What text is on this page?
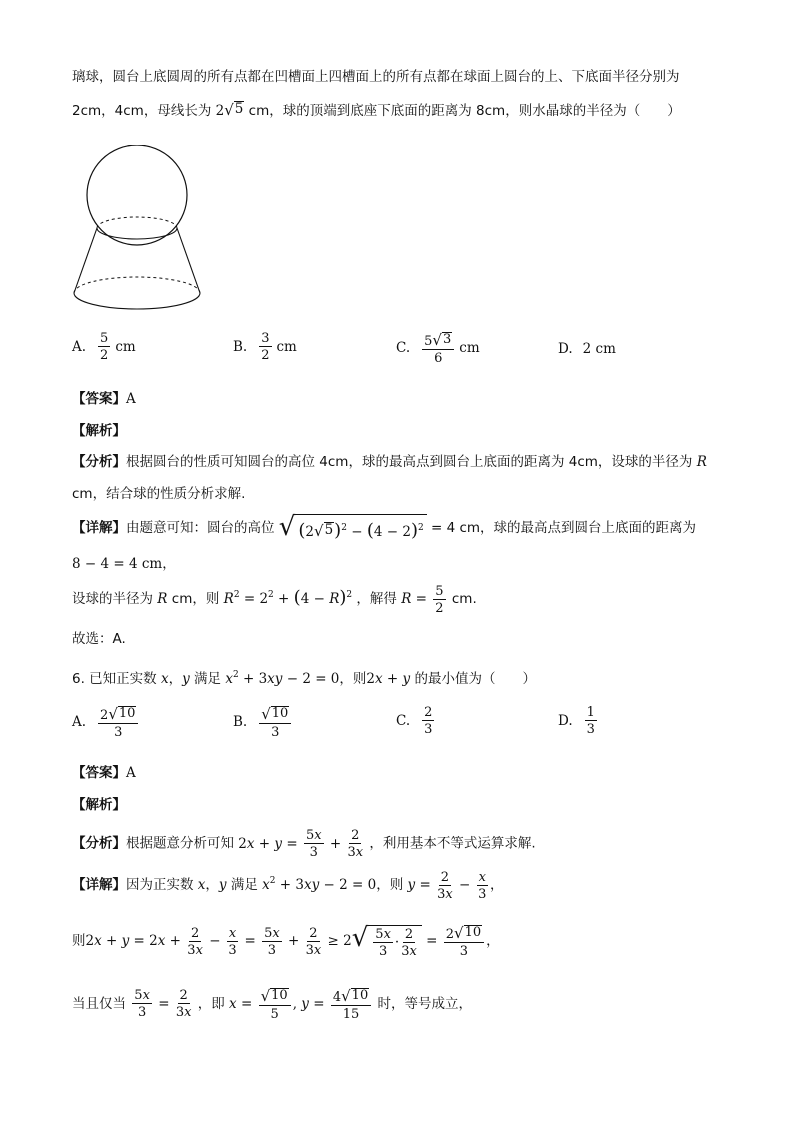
璃球，圆台上底圆周的所有点都在凹槽面上四槽面上的所有点都在球面上圆台的上、下底面半径分别为
2cm，4cm，母线长为 2 √ 5 cm，球的顶端到底座下底面的距离为 8cm，则水晶球的半径为（　　）
A. $\frac{5}{2}$ cm	B. $\frac{3}{2}$ cm	C. $\frac{5 √ 3}{6}$ cm	D. 2 cm
【答案】A
【解析】
【分析】根据圆台的性质可知圆台的高位 4cm，球的最高点到圆台上底面的距离为 4cm，设球的半径为 R
cm，结合球的性质分析求解.
【详解】由题意可知：圆台的高位 √ (2 √ 5 )$^2 - (4 - 2)^2 = 4$ cm，球的最高点到圆台上底面的距离为
8 − 4 = 4 cm，
设球的半径为 R cm，则 $R^2 = 2^2 + (4 - R)^2$ ，解得 $R = \frac{5}{2}$ cm.
故选：A.
6. 已知正实数 x，y 满足 $x^2 + 3xy - 2 = 0$，则2x + y 的最小值为（　　）
A. $\frac{2 √ 10}{3}$	B. $\frac{√ 10}{3}$	C. $\frac{2}{3}$	D. $\frac{1}{3}$
【答案】A
【解析】
【分析】根据题意分析可知 $2x + y = \frac{5x}{3} + \frac{2}{3x}$ ，利用基本不等式运算求解.
【详解】因为正实数 x，y 满足 $x^2 + 3xy - 2 = 0$，则 $y = \frac{2}{3x} - \frac{x}{3}$ ，
则$2x + y = 2x + \frac{2}{3x} - \frac{x}{3} = \frac{5x}{3} + \frac{2}{3x} \ge 2$ √ $\frac{5x}{3} \cdot \frac{2}{3x} = \frac{2 √ 10}{3}$ ，
当且仅当 $\frac{5x}{3} = \frac{2}{3x}$ ，即 $x = \frac{√ 10}{5}$ , $y = \frac{4 √ 10}{15}$ 时，等号成立，
